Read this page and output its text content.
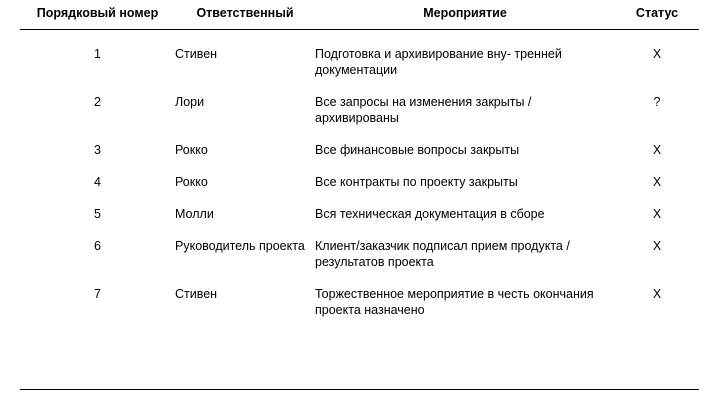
Порядковый номер	Ответственный	Мероприятие	Статус
1	Стивен	Подготовка и архивирование вну- тренней документации	X
2	Лори	Все запросы на изменения закрыты / архивированы	?
3	Рокко	Все финансовые вопросы закрыты	X
4	Рокко	Все контракты по проекту закрыты	X
5	Молли	Вся техническая документация в сборе	X
6	Руководитель проекта	Клиент/заказчик подписал прием продукта / результатов проекта	X
7	Стивен	Торжественное мероприятие в честь окончания проекта назначено	X
